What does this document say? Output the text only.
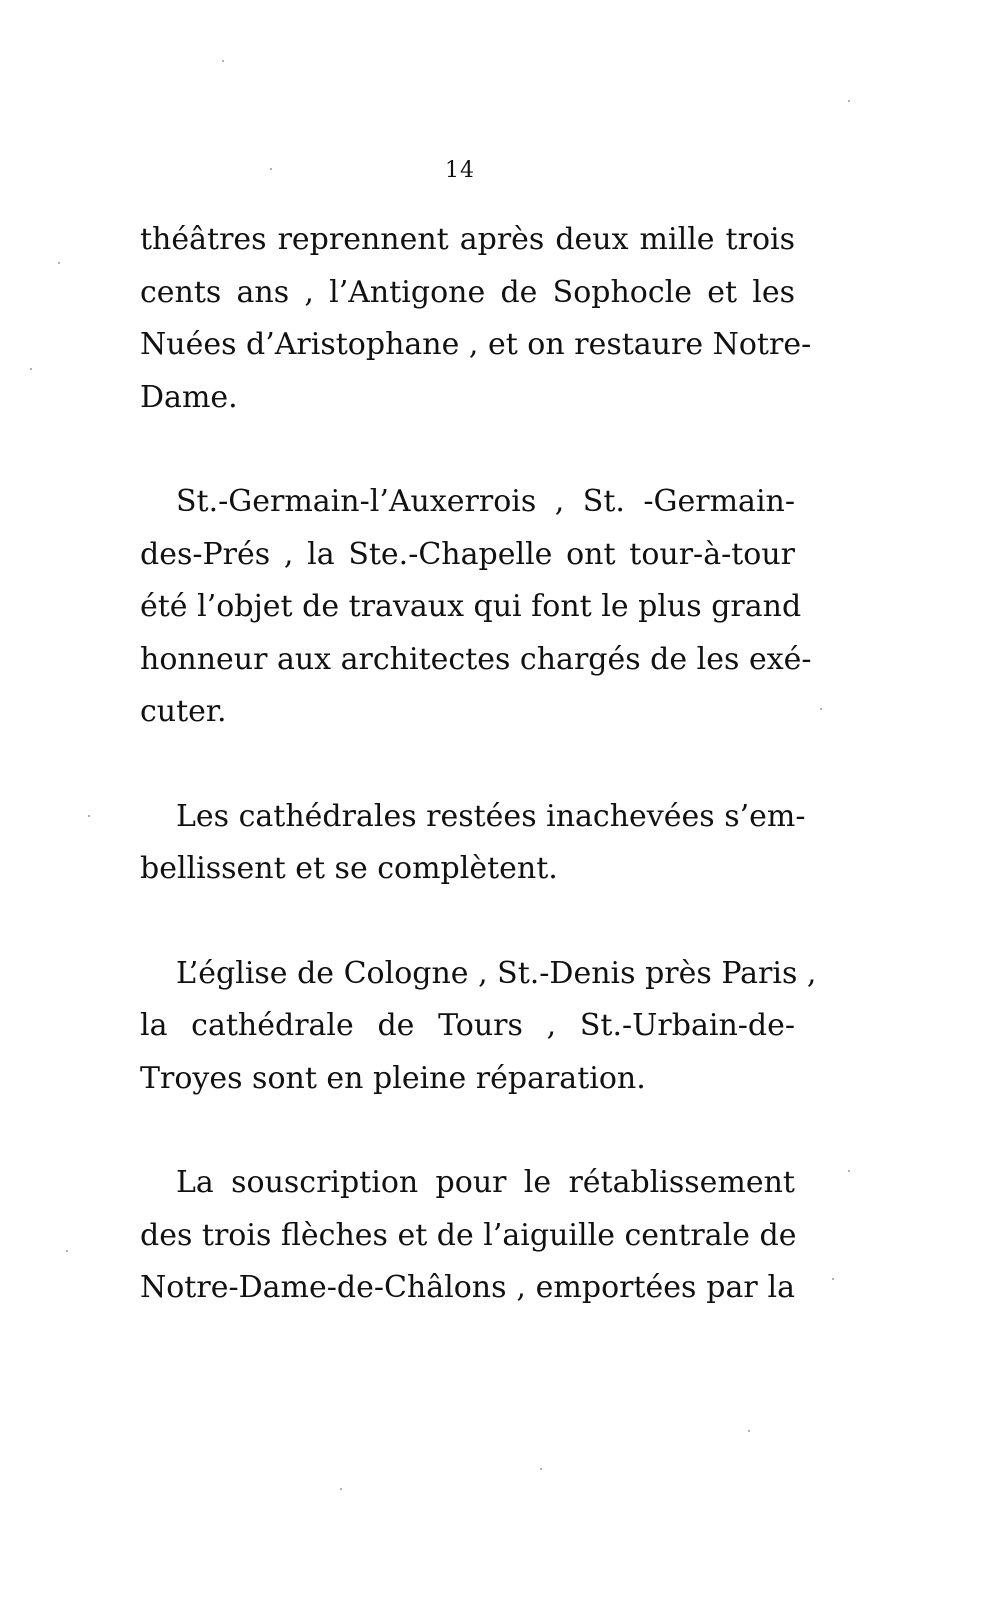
14
théâtres reprennent après deux mille trois
cents ans , l’Antigone de Sophocle et les
Nuées d’Aristophane , et on restaure Notre-
Dame.
St.-Germain-l’Auxerrois , St. -Germain-
des-Prés , la Ste.-Chapelle ont tour-à-tour
été l’objet de travaux qui font le plus grand
honneur aux architectes chargés de les exé-
cuter.
Les cathédrales restées inachevées s’em-
bellissent et se complètent.
L’église de Cologne , St.-Denis près Paris ,
la cathédrale de Tours , St.-Urbain-de-
Troyes sont en pleine réparation.
La souscription pour le rétablissement
des trois flèches et de l’aiguille centrale de
Notre-Dame-de-Châlons , emportées par la
